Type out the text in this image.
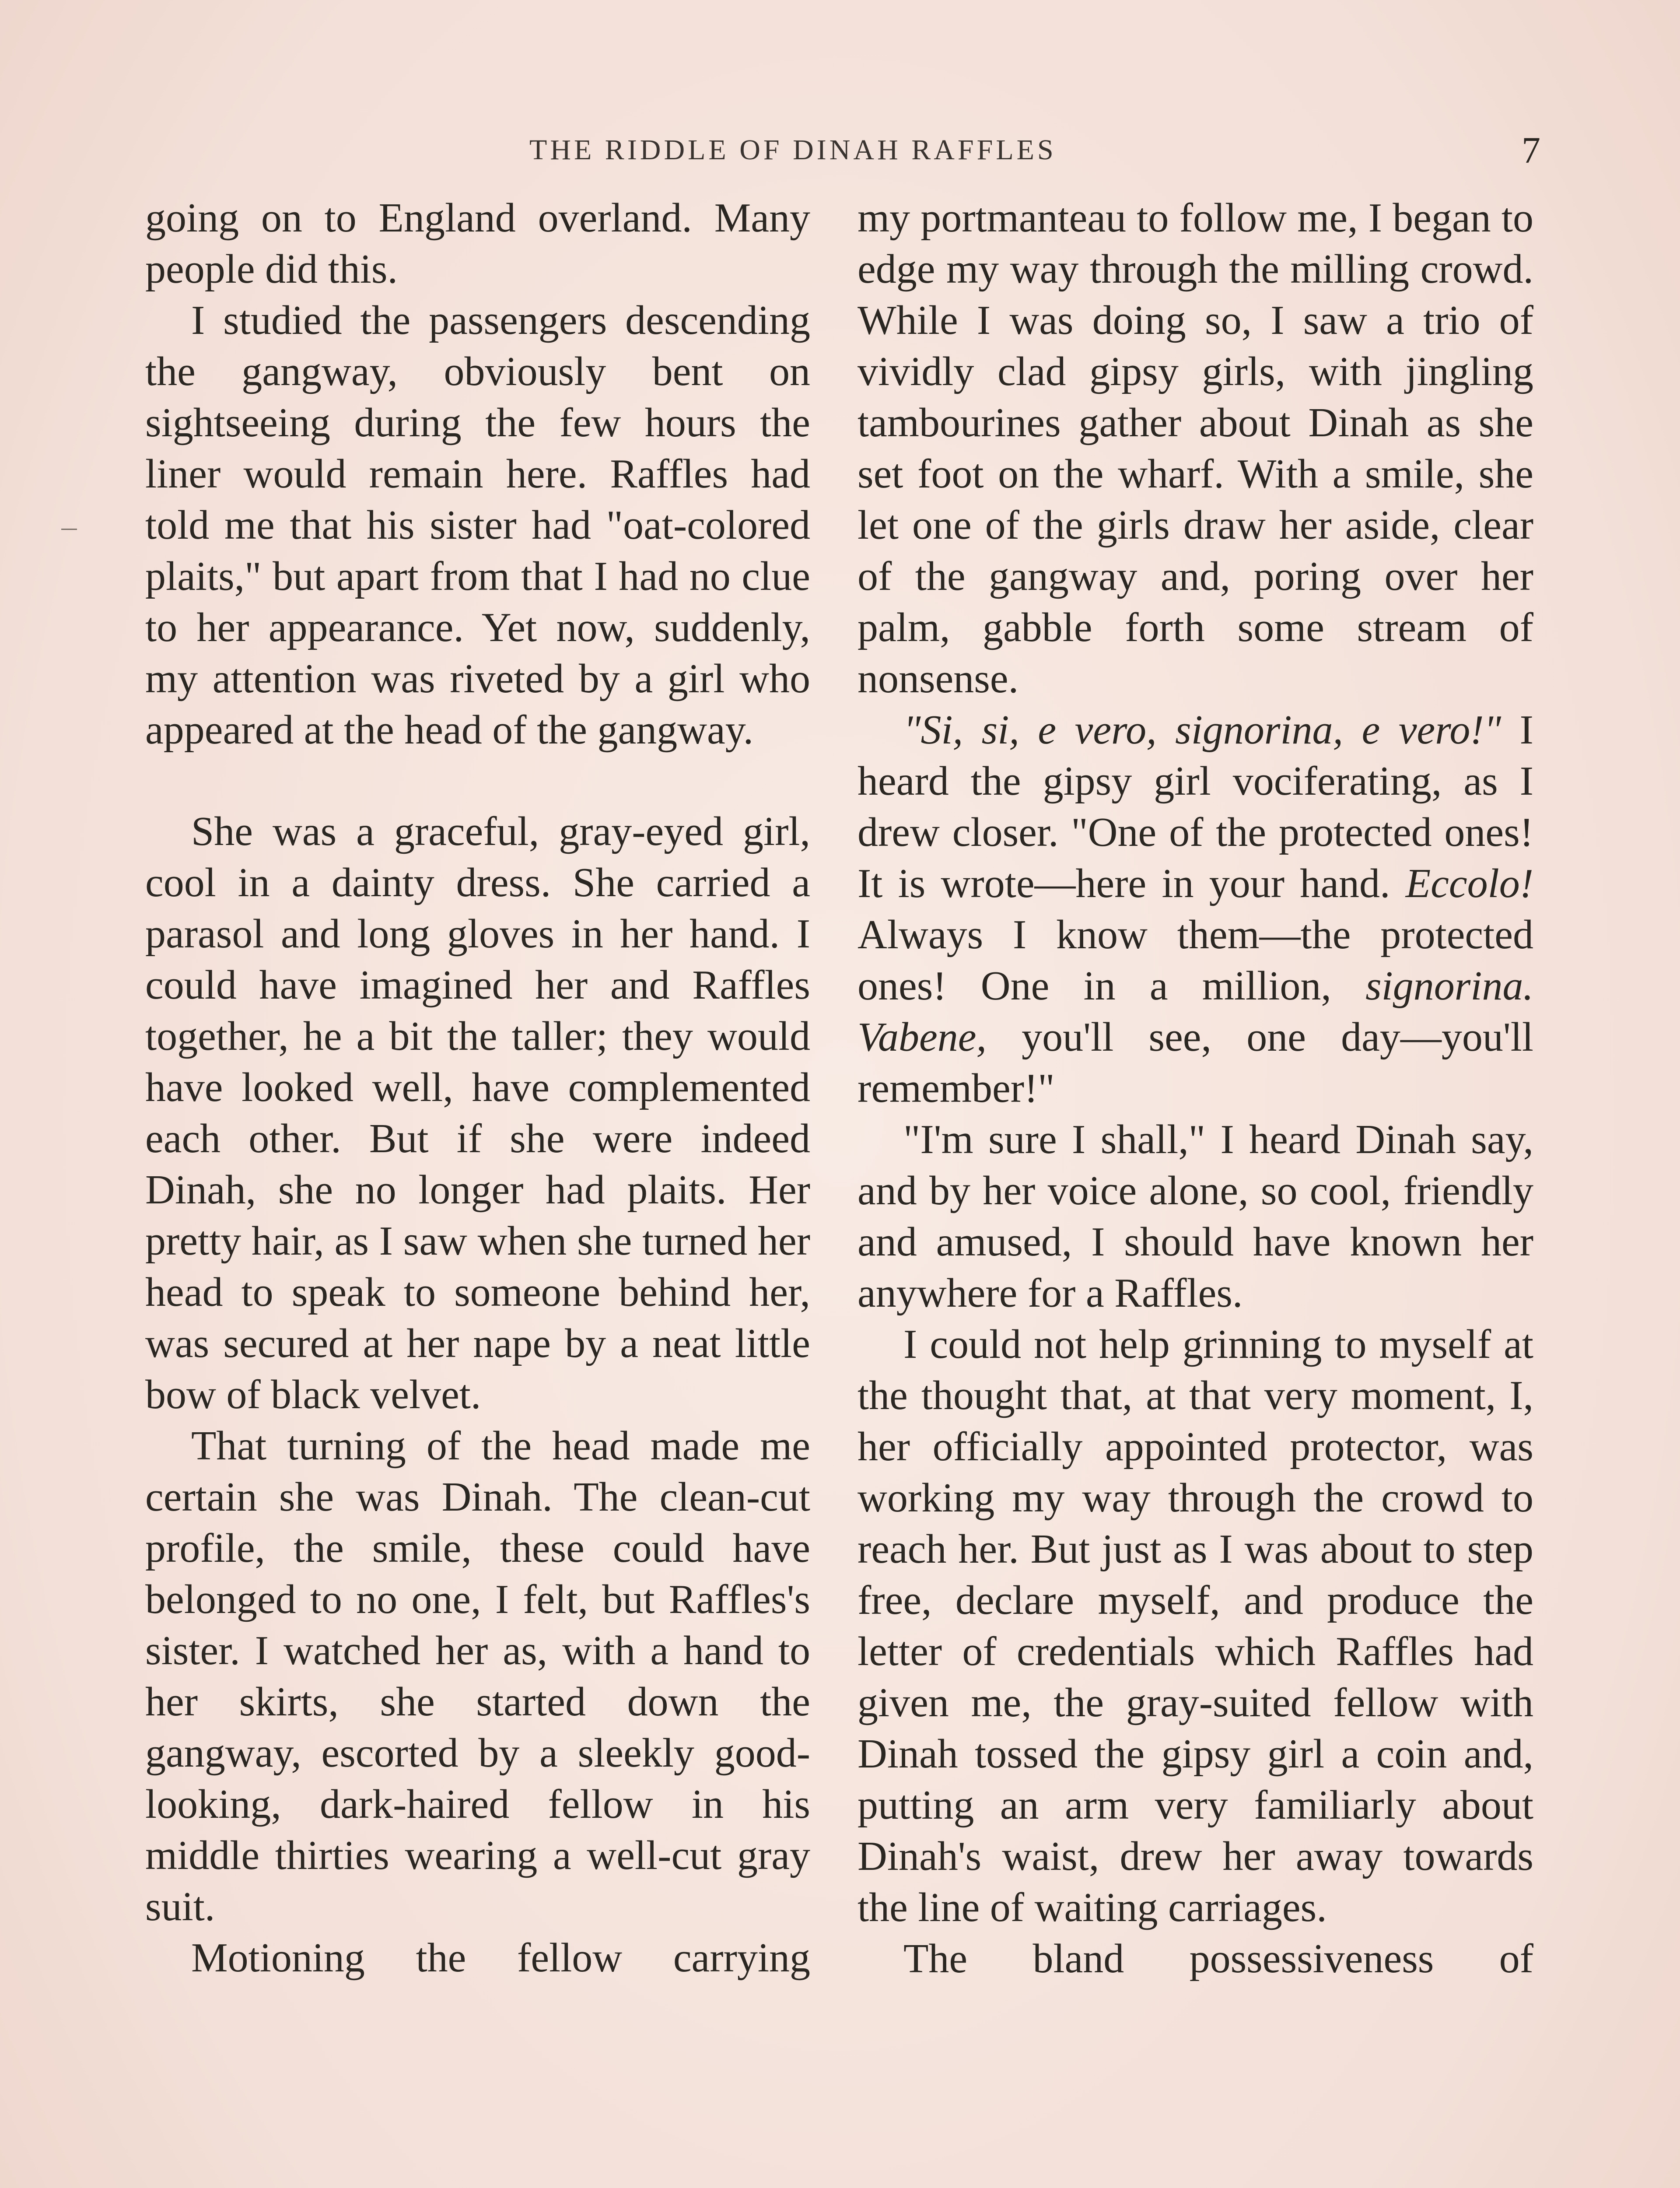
THE RIDDLE OF DINAH RAFFLES	7

going on to England overland. Many people did this.

I studied the passengers descending the gangway, obviously bent on sightseeing during the few hours the liner would remain here. Raffles had told me that his sister had "oat-colored plaits," but apart from that I had no clue to her appearance. Yet now, suddenly, my attention was riveted by a girl who appeared at the head of the gangway.

She was a graceful, gray-eyed girl, cool in a dainty dress. She carried a parasol and long gloves in her hand. I could have imagined her and Raffles together, he a bit the taller; they would have looked well, have complemented each other. But if she were indeed Dinah, she no longer had plaits. Her pretty hair, as I saw when she turned her head to speak to someone behind her, was secured at her nape by a neat little bow of black velvet.

That turning of the head made me certain she was Dinah. The clean-cut profile, the smile, these could have belonged to no one, I felt, but Raffles's sister. I watched her as, with a hand to her skirts, she started down the gangway, escorted by a sleekly good-looking, dark-haired fellow in his middle thirties wearing a well-cut gray suit.

Motioning the fellow carrying

my portmanteau to follow me, I began to edge my way through the milling crowd. While I was doing so, I saw a trio of vividly clad gipsy girls, with jingling tambourines gather about Dinah as she set foot on the wharf. With a smile, she let one of the girls draw her aside, clear of the gangway and, poring over her palm, gabble forth some stream of nonsense.

"Si, si, e vero, signorina, e vero!" I heard the gipsy girl vociferating, as I drew closer. "One of the protected ones! It is wrote—here in your hand. Eccolo! Always I know them—the protected ones! One in a million, signorina. Vabene, you'll see, one day—you'll remember!"

"I'm sure I shall," I heard Dinah say, and by her voice alone, so cool, friendly and amused, I should have known her anywhere for a Raffles.

I could not help grinning to myself at the thought that, at that very moment, I, her officially appointed protector, was working my way through the crowd to reach her. But just as I was about to step free, declare myself, and produce the letter of credentials which Raffles had given me, the gray-suited fellow with Dinah tossed the gipsy girl a coin and, putting an arm very familiarly about Dinah's waist, drew her away towards the line of waiting carriages.

The bland possessiveness of
